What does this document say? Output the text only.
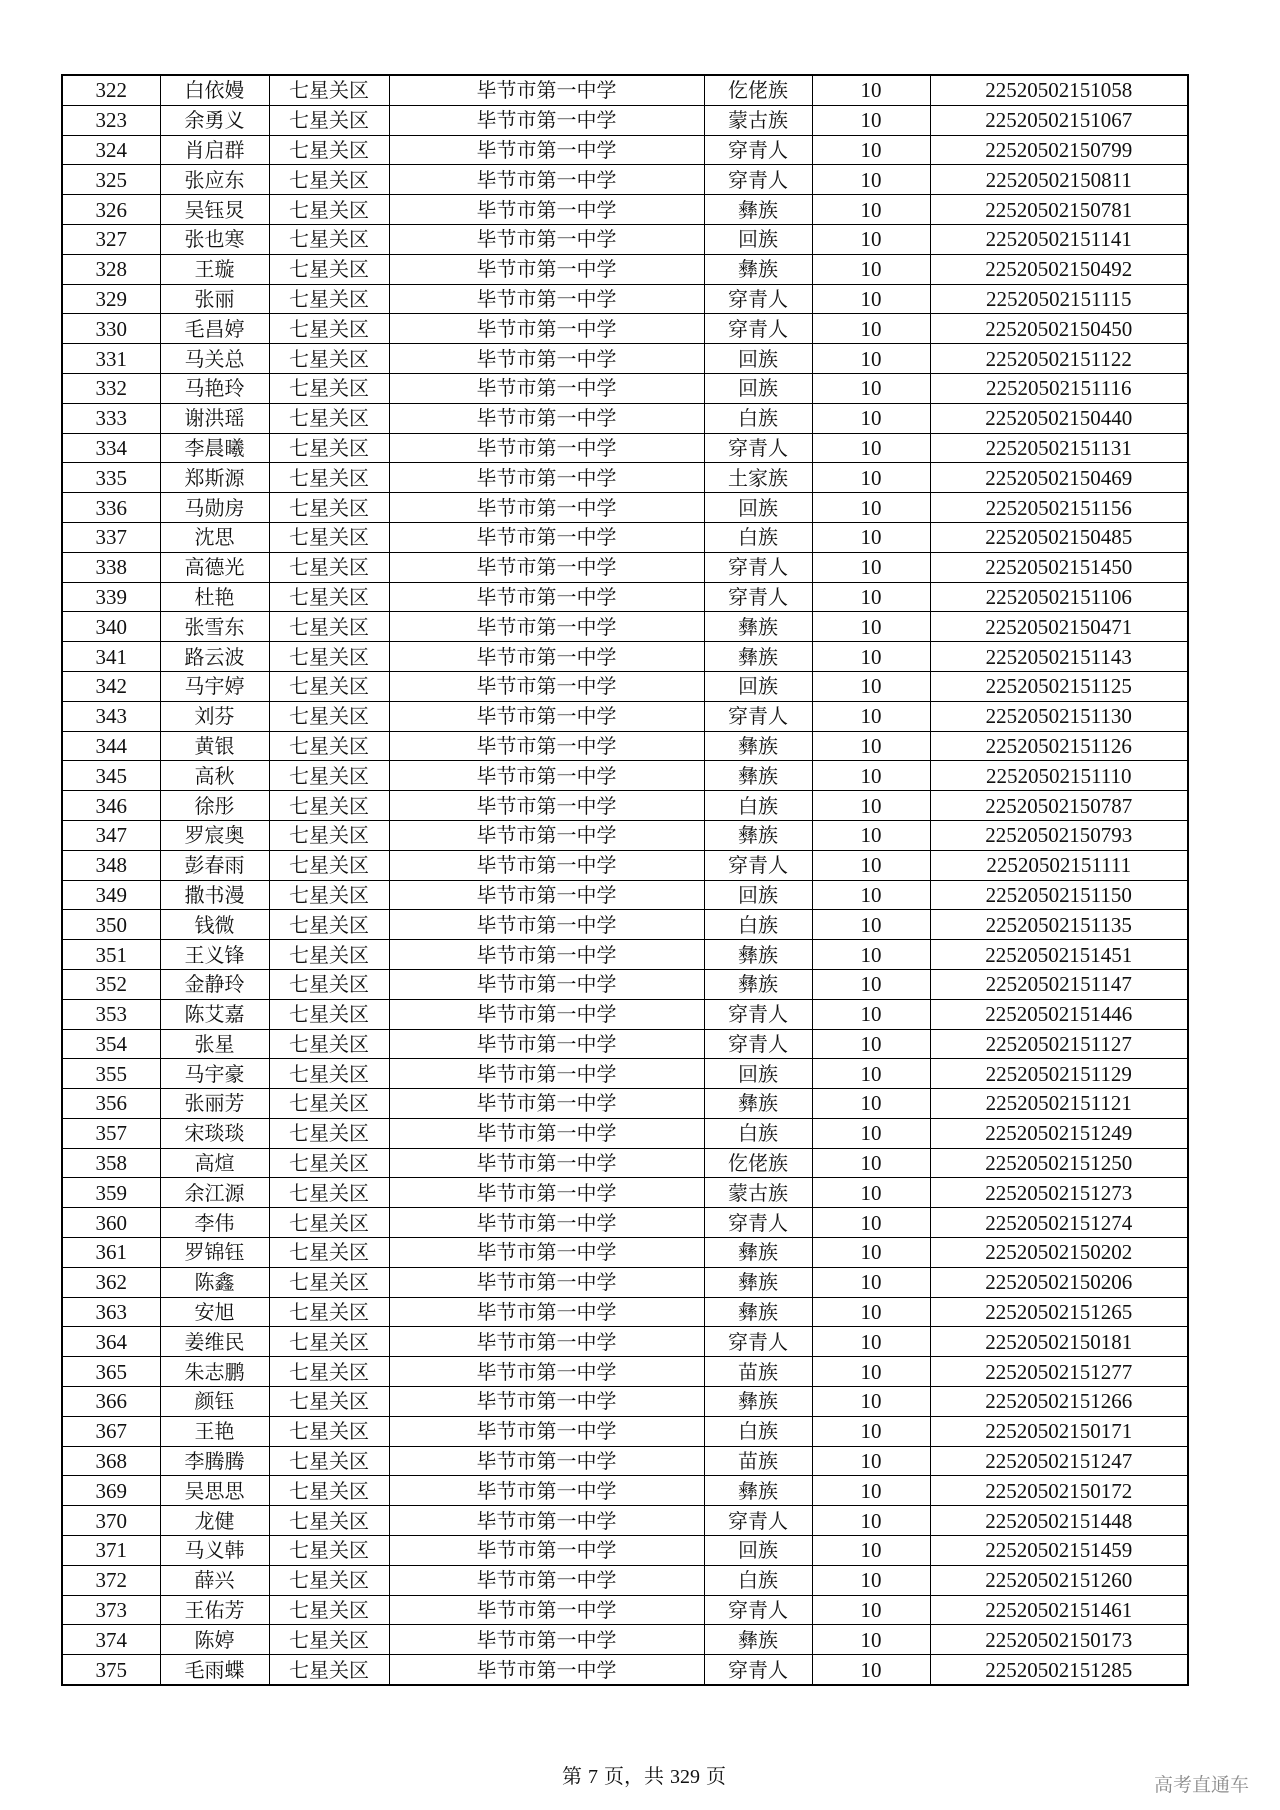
322	白依嫚	七星关区	毕节市第一中学	仡佬族	10	22520502151058
323	余勇义	七星关区	毕节市第一中学	蒙古族	10	22520502151067
324	肖启群	七星关区	毕节市第一中学	穿青人	10	22520502150799
325	张应东	七星关区	毕节市第一中学	穿青人	10	22520502150811
326	吴钰炅	七星关区	毕节市第一中学	彝族	10	22520502150781
327	张也寒	七星关区	毕节市第一中学	回族	10	22520502151141
328	王璇	七星关区	毕节市第一中学	彝族	10	22520502150492
329	张丽	七星关区	毕节市第一中学	穿青人	10	22520502151115
330	毛昌婷	七星关区	毕节市第一中学	穿青人	10	22520502150450
331	马关总	七星关区	毕节市第一中学	回族	10	22520502151122
332	马艳玲	七星关区	毕节市第一中学	回族	10	22520502151116
333	谢洪瑶	七星关区	毕节市第一中学	白族	10	22520502150440
334	李晨曦	七星关区	毕节市第一中学	穿青人	10	22520502151131
335	郑斯源	七星关区	毕节市第一中学	土家族	10	22520502150469
336	马勋房	七星关区	毕节市第一中学	回族	10	22520502151156
337	沈思	七星关区	毕节市第一中学	白族	10	22520502150485
338	高德光	七星关区	毕节市第一中学	穿青人	10	22520502151450
339	杜艳	七星关区	毕节市第一中学	穿青人	10	22520502151106
340	张雪东	七星关区	毕节市第一中学	彝族	10	22520502150471
341	路云波	七星关区	毕节市第一中学	彝族	10	22520502151143
342	马宇婷	七星关区	毕节市第一中学	回族	10	22520502151125
343	刘芬	七星关区	毕节市第一中学	穿青人	10	22520502151130
344	黄银	七星关区	毕节市第一中学	彝族	10	22520502151126
345	高秋	七星关区	毕节市第一中学	彝族	10	22520502151110
346	徐彤	七星关区	毕节市第一中学	白族	10	22520502150787
347	罗宸奥	七星关区	毕节市第一中学	彝族	10	22520502150793
348	彭春雨	七星关区	毕节市第一中学	穿青人	10	22520502151111
349	撒书漫	七星关区	毕节市第一中学	回族	10	22520502151150
350	钱微	七星关区	毕节市第一中学	白族	10	22520502151135
351	王义锋	七星关区	毕节市第一中学	彝族	10	22520502151451
352	金静玲	七星关区	毕节市第一中学	彝族	10	22520502151147
353	陈艾嘉	七星关区	毕节市第一中学	穿青人	10	22520502151446
354	张星	七星关区	毕节市第一中学	穿青人	10	22520502151127
355	马宇豪	七星关区	毕节市第一中学	回族	10	22520502151129
356	张丽芳	七星关区	毕节市第一中学	彝族	10	22520502151121
357	宋琰琰	七星关区	毕节市第一中学	白族	10	22520502151249
358	高煊	七星关区	毕节市第一中学	仡佬族	10	22520502151250
359	余江源	七星关区	毕节市第一中学	蒙古族	10	22520502151273
360	李伟	七星关区	毕节市第一中学	穿青人	10	22520502151274
361	罗锦钰	七星关区	毕节市第一中学	彝族	10	22520502150202
362	陈鑫	七星关区	毕节市第一中学	彝族	10	22520502150206
363	安旭	七星关区	毕节市第一中学	彝族	10	22520502151265
364	姜维民	七星关区	毕节市第一中学	穿青人	10	22520502150181
365	朱志鹏	七星关区	毕节市第一中学	苗族	10	22520502151277
366	颜钰	七星关区	毕节市第一中学	彝族	10	22520502151266
367	王艳	七星关区	毕节市第一中学	白族	10	22520502150171
368	李腾腾	七星关区	毕节市第一中学	苗族	10	22520502151247
369	吴思思	七星关区	毕节市第一中学	彝族	10	22520502150172
370	龙健	七星关区	毕节市第一中学	穿青人	10	22520502151448
371	马义韩	七星关区	毕节市第一中学	回族	10	22520502151459
372	薛兴	七星关区	毕节市第一中学	白族	10	22520502151260
373	王佑芳	七星关区	毕节市第一中学	穿青人	10	22520502151461
374	陈婷	七星关区	毕节市第一中学	彝族	10	22520502150173
375	毛雨蝶	七星关区	毕节市第一中学	穿青人	10	22520502151285
第 7 页，共 329 页	高考直通车
